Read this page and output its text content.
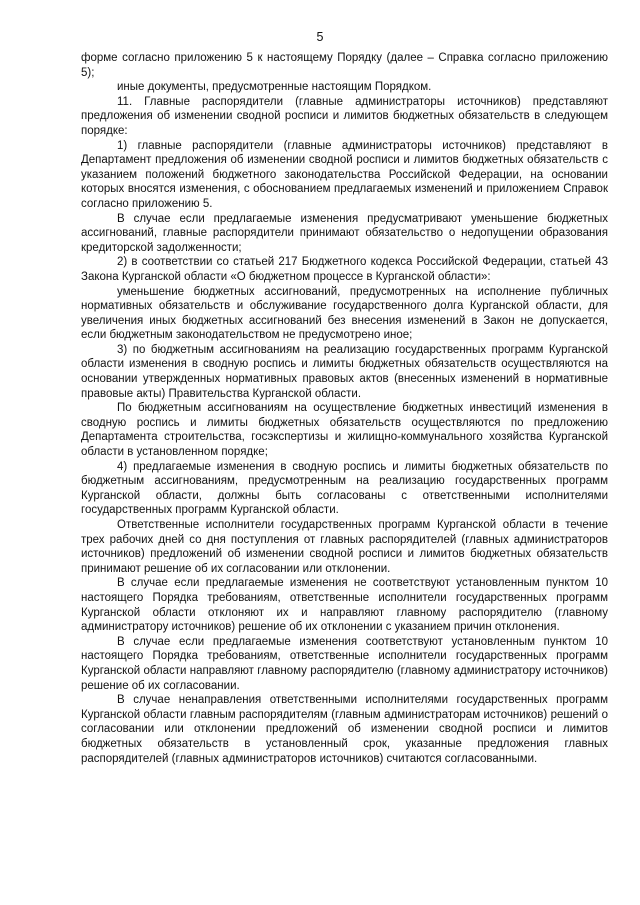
5

форме согласно приложению 5 к настоящему Порядку (далее – Справка согласно приложению 5);

иные документы, предусмотренные настоящим Порядком.

11. Главные распорядители (главные администраторы источников) представляют предложения об изменении сводной росписи и лимитов бюджетных обязательств в следующем порядке:

1) главные распорядители (главные администраторы источников) представляют в Департамент предложения об изменении сводной росписи и лимитов бюджетных обязательств с указанием положений бюджетного законодательства Российской Федерации, на основании которых вносятся изменения, с обоснованием предлагаемых изменений и приложением Справок согласно приложению 5.

В случае если предлагаемые изменения предусматривают уменьшение бюджетных ассигнований, главные распорядители принимают обязательство о недопущении образования кредиторской задолженности;

2) в соответствии со статьей 217 Бюджетного кодекса Российской Федерации, статьей 43 Закона Курганской области «О бюджетном процессе в Курганской области»:

уменьшение бюджетных ассигнований, предусмотренных на исполнение публичных нормативных обязательств и обслуживание государственного долга Курганской области, для увеличения иных бюджетных ассигнований без внесения изменений в Закон не допускается, если бюджетным законодательством не предусмотрено иное;

3) по бюджетным ассигнованиям на реализацию государственных программ Курганской области изменения в сводную роспись и лимиты бюджетных обязательств осуществляются на основании утвержденных нормативных правовых актов (внесенных изменений в нормативные правовые акты) Правительства Курганской области.

По бюджетным ассигнованиям на осуществление бюджетных инвестиций изменения в сводную роспись и лимиты бюджетных обязательств осуществляются по предложению Департамента строительства, госэкспертизы и жилищно-коммунального хозяйства Курганской области в установленном порядке;

4) предлагаемые изменения в сводную роспись и лимиты бюджетных обязательств по бюджетным ассигнованиям, предусмотренным на реализацию государственных программ Курганской области, должны быть согласованы с ответственными исполнителями государственных программ Курганской области.

Ответственные исполнители государственных программ Курганской области в течение трех рабочих дней со дня поступления от главных распорядителей (главных администраторов источников) предложений об изменении сводной росписи и лимитов бюджетных обязательств принимают решение об их согласовании или отклонении.

В случае если предлагаемые изменения не соответствуют установленным пунктом 10 настоящего Порядка требованиям, ответственные исполнители государственных программ Курганской области отклоняют их и направляют главному распорядителю (главному администратору источников) решение об их отклонении с указанием причин отклонения.

В случае если предлагаемые изменения соответствуют установленным пунктом 10 настоящего Порядка требованиям, ответственные исполнители государственных программ Курганской области направляют главному распорядителю (главному администратору источников) решение об их согласовании.

В случае ненаправления ответственными исполнителями государственных программ Курганской области главным распорядителям (главным администраторам источников) решений о согласовании или отклонении предложений об изменении сводной росписи и лимитов бюджетных обязательств в установленный срок, указанные предложения главных распорядителей (главных администраторов источников) считаются согласованными.
